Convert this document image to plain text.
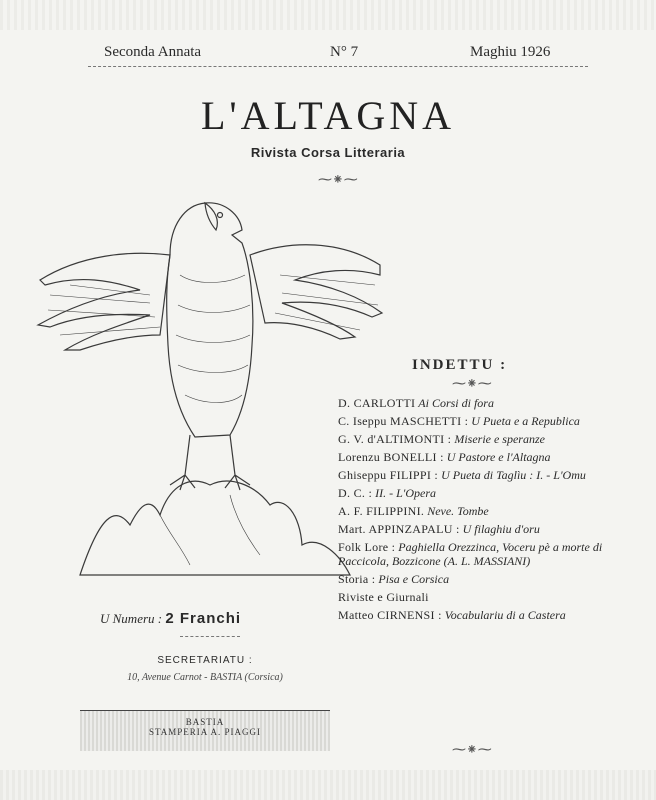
Seconda Annata	N° 7	Maghiu 1926
L'ALTAGNA
Rivista Corsa Litteraria
⁓⁕⁓
U Numeru : 2 Franchi
SECRETARIATU :
10, Avenue Carnot - BASTIA (Corsica)
BASTIA
STAMPERIA A. PIAGGI
INDETTU :
⁓⁕⁓
D. CARLOTTI Ai Corsi di fora
C. Iseppu MASCHETTI : U Pueta e a Republica
G. V. d'ALTIMONTI : Miserie e speranze
Lorenzu BONELLI : U Pastore e l'Altagna
Ghiseppu FILIPPI : U Pueta di Taglìu : I. - L'Omu
D. C. : II. - L'Opera
A. F. FILIPPINI. Neve. Tombe
Mart. APPINZAPALU : U filaghiu d'oru
Folk Lore : Paghiella Orezzinca, Voceru pè a morte di Paccicola, Bozzicone (A. L. MASSIANI)
Storia : Pisa e Corsica
Riviste e Giurnali
Matteo CIRNENSI : Vocabulariu di a Castera
⁓⁕⁓
